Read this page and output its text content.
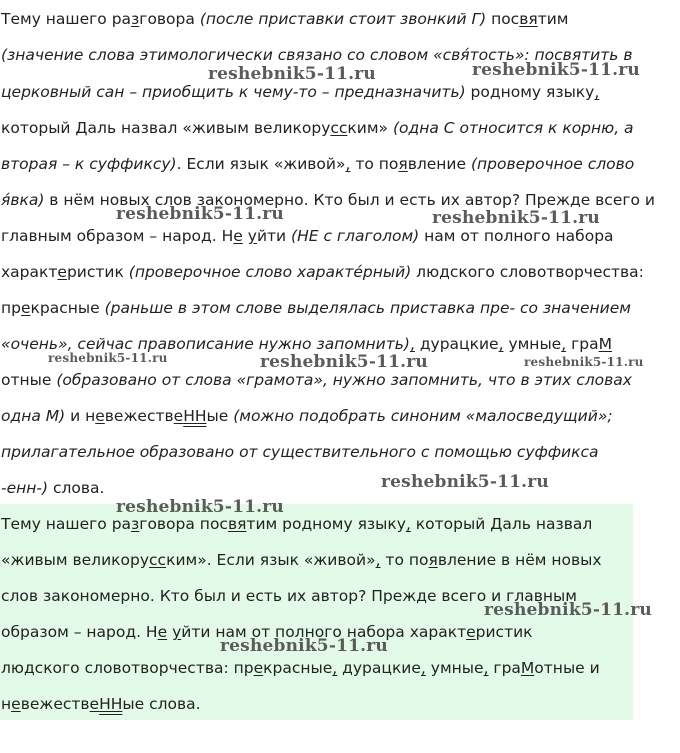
Тему нашего разговора (после приставки стоит звонкий Г) посвятим
(значение слова этимологически связано со словом «свя́тость»: посвятить в
церковный сан – приобщить к чему-то – предназначить) родному языку,
который Даль назвал «живым великорусским» (одна С относится к корню, а
вторая – к суффиксу). Если язык «живой», то появление (проверочное слово
я́вка) в нём новых слов закономерно. Кто был и есть их автор? Прежде всего и
главным образом – народ. Не уйти (НЕ с глаголом) нам от полного набора
характеристик (проверочное слово характе́рный) людского словотворчества:
прекрасные (раньше в этом слове выделялась приставка пре- со значением
«очень», сейчас правописание нужно запомнить), дурацкие, умные, граМ
отные (образовано от слова «грамота», нужно запомнить, что в этих словах
одна М) и невежествеННые (можно подобрать синоним «малосведущий»;
прилагательное образовано от существительного с помощью суффикса
-енн-) слова.
Тему нашего разговора посвятим родному языку, который Даль назвал
«живым великорусским». Если язык «живой», то появление в нём новых
слов закономерно. Кто был и есть их автор? Прежде всего и главным
образом – народ. Не уйти нам от полного набора характеристик
людского словотворчества: прекрасные, дурацкие, умные, граМотные и
невежествеННые слова.
reshebnik5-11.ru	reshebnik5-11.ru
reshebnik5-11.ru	reshebnik5-11.ru
reshebnik5-11.ru	reshebnik5-11.ru	reshebnik5-11.ru
reshebnik5-11.ru
reshebnik5-11.ru
reshebnik5-11.ru
reshebnik5-11.ru
